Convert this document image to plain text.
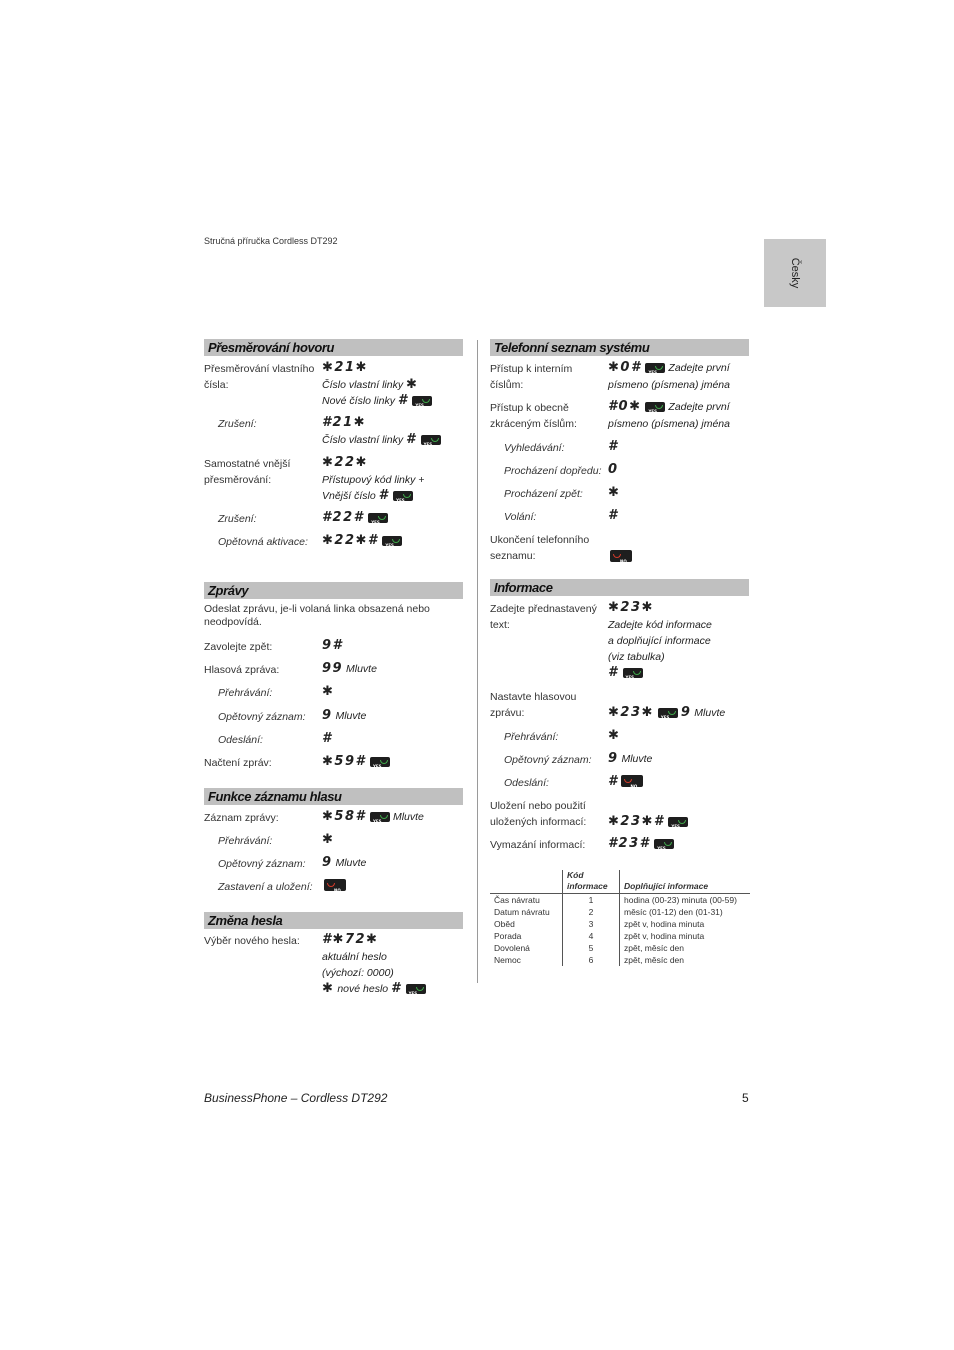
Stručná příručka Cordless DT292
Česky
Přesměrování hovoru
Přesměrování vlastního čísla:
✱21✱
Číslo vlastní linky ✱
Nové číslo linky #YES
Zrušení:	#21✱
Číslo vlastní linky #YES
Samostatné vnější přesměrování:
✱22✱
Přístupový kód linky +
Vnější číslo #YES
Zrušení:	#22#YES
Opětovná aktivace:	✱22✱#YES
Zprávy
Odeslat zprávu, je-li volaná linka obsazená nebo neodpovídá.
Zavolejte zpět:	9#
Hlasová zpráva:	99 Mluvte
Přehrávání:	✱
Opětovný záznam:	9 Mluvte
Odeslání:	#
Načtení zpráv:	✱59#YES
Funkce záznamu hlasu
Záznam zprávy:	✱58# YES	Mluvte
Přehrávání:	✱
Opětovný záznam:	9 Mluvte
Zastavení a uložení:
NO
Změna hesla
Výběr nového hesla:	#✱72✱
aktuální heslo
(výchozí: 0000)
✱ nové heslo #YES
Telefonní seznam systému
Přístup k interním číslům:
✱0# YES	Zadejte první
písmeno (písmena) jména
Přístup k obecně zkráceným číslům:
#0✱ YES	Zadejte první
písmeno (písmena) jména
Vyhledávání:	#
Procházení dopředu: 0
Procházení zpět:	✱
Volání:	#
Ukončení telefonního seznamu:
NO
Informace
Zadejte přednastavený text:
✱23✱
Zadejte kód informace
a doplňující informace
(viz tabulka)
#YES
Nastavte hlasovou zprávu:	✱23✱ YES 9 Mluvte
Přehrávání:	✱
Opětovný záznam:	9 Mluvte
Odeslání:	#NO
Uložení nebo použití uložených informací:	✱23✱#YES
Vymazání informací:	#23#YES
	Kód informace	Doplňující informace
Čas návratu	1	hodina (00-23) minuta (00-59)
Datum návratu	2	měsíc (01-12) den (01-31)
Oběd	3	zpět v, hodina minuta
Porada	4	zpět v, hodina minuta
Dovolená	5	zpět, měsíc den
Nemoc	6	zpět, měsíc den
BusinessPhone – Cordless DT292	5
